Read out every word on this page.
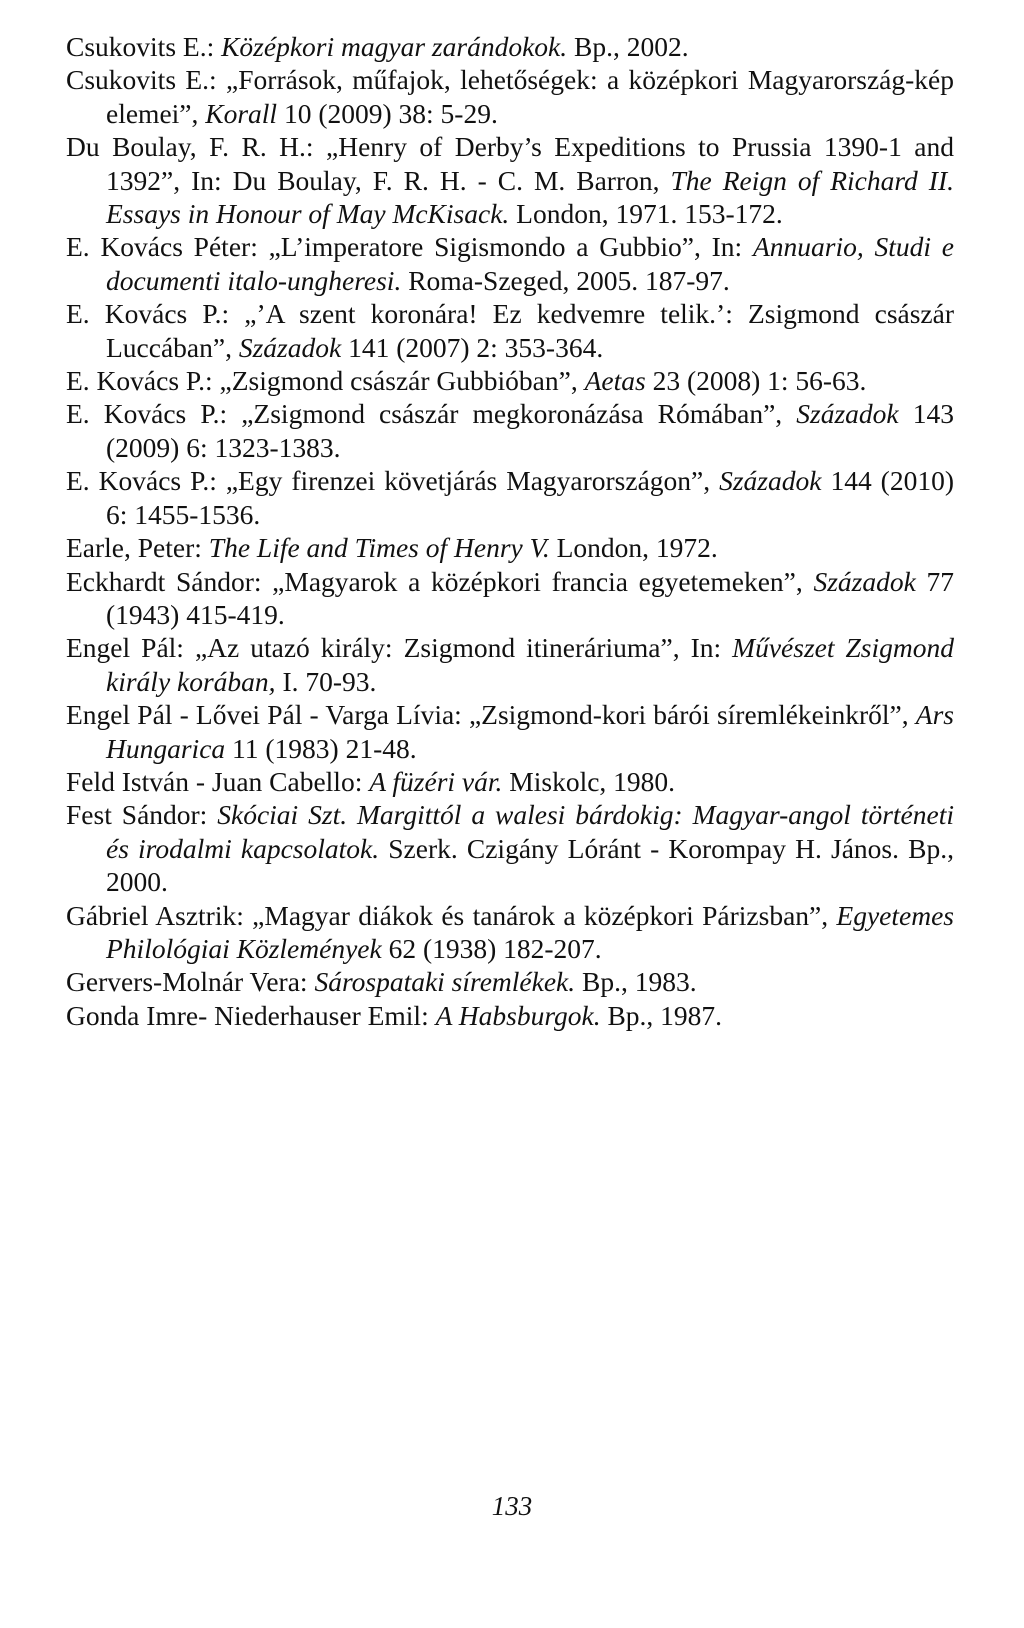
Csukovits E.: Középkori magyar zarándokok. Bp., 2002.

Csukovits E.: „Források, műfajok, lehetőségek: a középkori Magyarország-kép elemei”, Korall 10 (2009) 38: 5-29.

Du Boulay, F. R. H.: „Henry of Derby’s Expeditions to Prussia 1390-1 and 1392”, In: Du Boulay, F. R. H. - C. M. Barron, The Reign of Richard II. Essays in Honour of May McKisack. London, 1971. 153-172.

E. Kovács Péter: „L’imperatore Sigismondo a Gubbio”, In: Annuario, Studi e documenti italo-ungheresi. Roma-Szeged, 2005. 187-97.

E. Kovács P.: „’A szent koronára! Ez kedvemre telik.’: Zsigmond császár Luccában”, Századok 141 (2007) 2: 353-364.

E. Kovács P.: „Zsigmond császár Gubbióban”, Aetas 23 (2008) 1: 56-63.

E. Kovács P.: „Zsigmond császár megkoronázása Rómában”, Századok 143 (2009) 6: 1323-1383.

E. Kovács P.: „Egy firenzei követjárás Magyarországon”, Századok 144 (2010) 6: 1455-1536.

Earle, Peter: The Life and Times of Henry V. London, 1972.

Eckhardt Sándor: „Magyarok a középkori francia egyetemeken”, Századok 77 (1943) 415-419.

Engel Pál: „Az utazó király: Zsigmond itineráriuma”, In: Művészet Zsigmond király korában, I. 70-93.

Engel Pál - Lővei Pál - Varga Lívia: „Zsigmond-kori bárói síremlékeinkről”, Ars Hungarica 11 (1983) 21-48.

Feld István - Juan Cabello: A füzéri vár. Miskolc, 1980.

Fest Sándor: Skóciai Szt. Margittól a walesi bárdokig: Magyar-angol történeti és irodalmi kapcsolatok. Szerk. Czigány Lóránt - Korompay H. János. Bp., 2000.

Gábriel Asztrik: „Magyar diákok és tanárok a középkori Párizsban”, Egyetemes Philológiai Közlemények 62 (1938) 182-207.

Gervers-Molnár Vera: Sárospataki síremlékek. Bp., 1983.

Gonda Imre- Niederhauser Emil: A Habsburgok. Bp., 1987.

133
